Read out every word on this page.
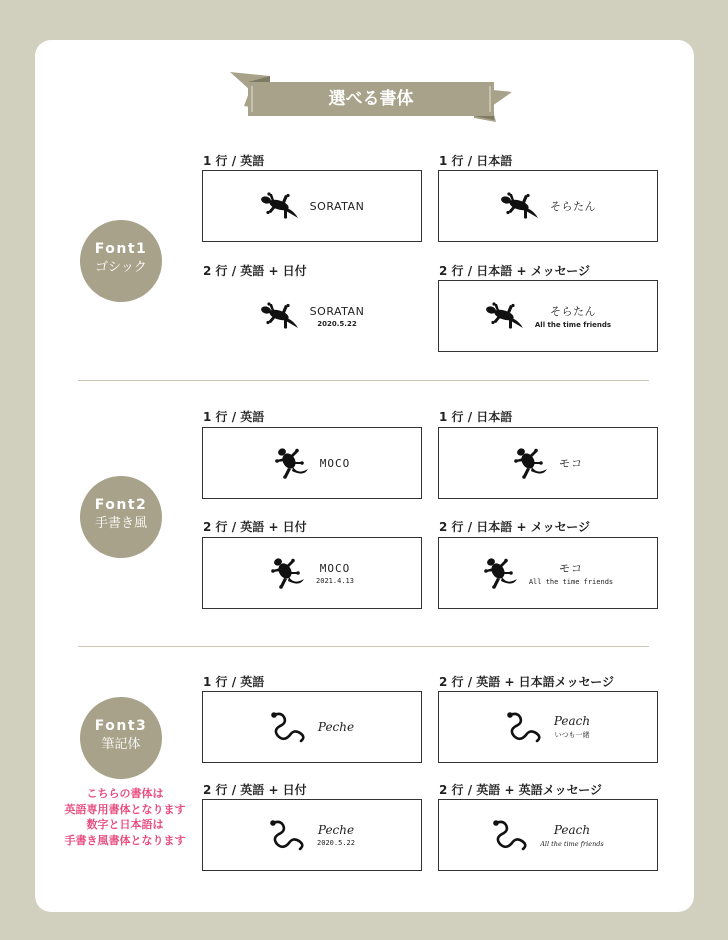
選べる書体
Font1
ゴシック
Font2
手書き風
Font3
筆記体
1 行 / 英語
SORATAN
1 行 / 日本語
そらたん
2 行 / 英語 + 日付
SORATAN
2020.5.22
2 行 / 日本語 + メッセージ
そらたん
All the time friends
1 行 / 英語
MOCO
1 行 / 日本語
モコ
2 行 / 英語 + 日付
MOCO
2021.4.13
2 行 / 日本語 + メッセージ
モコ
All the time friends
1 行 / 英語
Peche
2 行 / 英語 + 日本語メッセージ
Peach
いつも一緒
2 行 / 英語 + 日付
Peche
2020.5.22
2 行 / 英語 + 英語メッセージ
Peach
All the time friends
こちらの書体は
英語専用書体となります
数字と日本語は
手書き風書体となります
